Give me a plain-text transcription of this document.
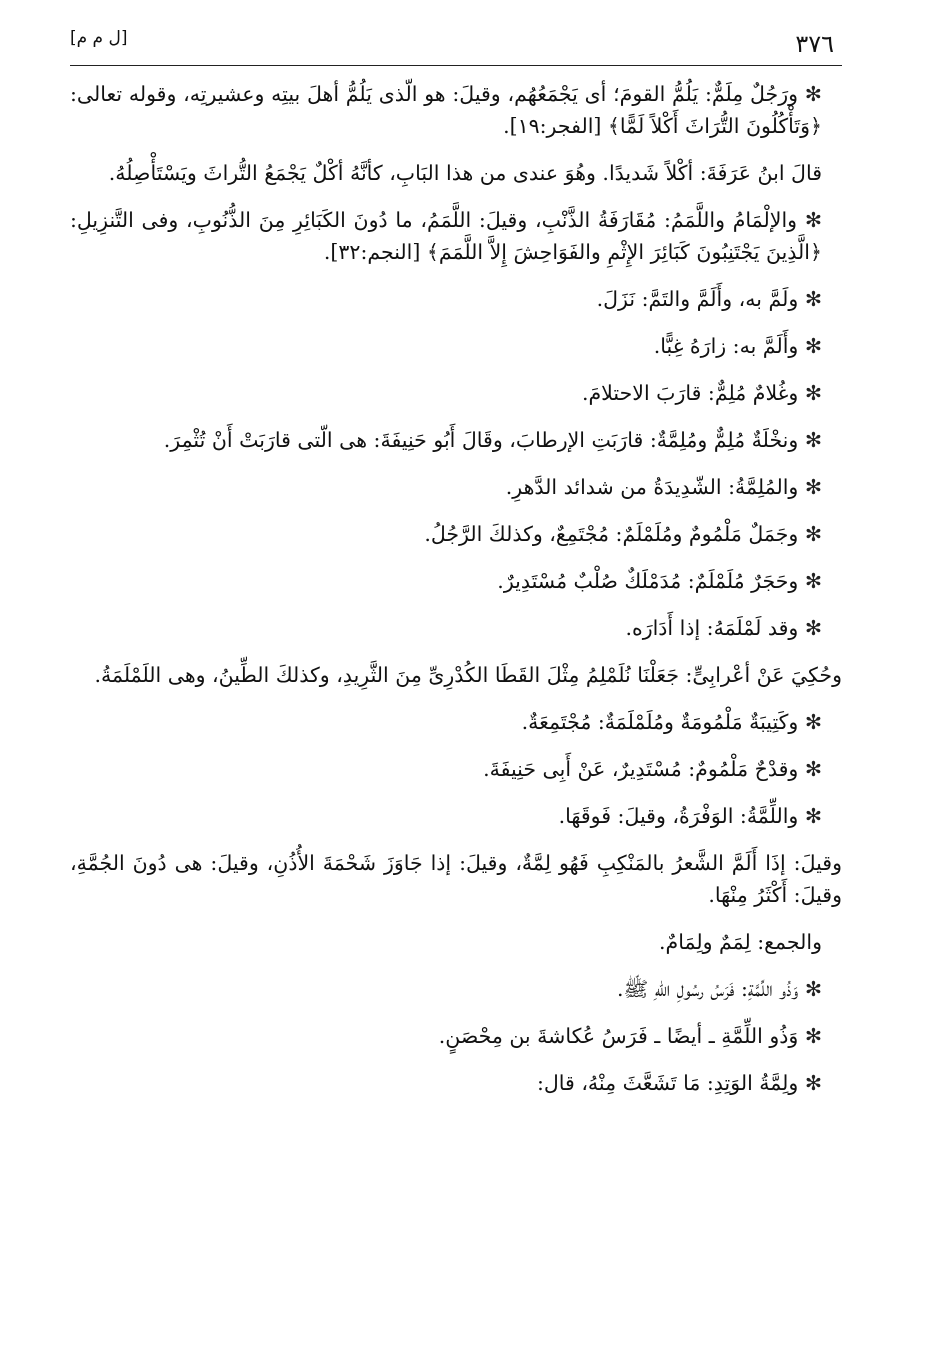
٣٧٦
[ل م م]

✻ ورَجُلٌ مِلَمٌّ: يَلُمُّ القومَ؛ أى يَجْمَعُهُم، وقيلَ: هو الّذى يَلُمُّ أهلَ بيتِه وعشيرتِه، وقوله تعالى: ﴿وَتَأْكُلُونَ التُّرَاثَ أَكْلاً لَمًّا﴾ [الفجر:١٩].

قالَ ابنُ عَرَفَةَ: أكْلاً شَديدًا. وهُوَ عندى من هذا البَابِ، كأنَّهُ أكْلٌ يَجْمَعُ التُّراثَ ويَسْتَأْصِلُهُ.

✻ والإلْمَامُ واللَّمَمُ: مُقَارَفَةُ الذَّنْبِ، وقيلَ: اللَّمَمُ، ما دُونَ الكَبَائِرِ مِنَ الذُّنُوبِ، وفى التَّنزِيلِ: ﴿الَّذِينَ يَجْتَنِبُونَ كَبَائِرَ الإِثْمِ والفَوَاحِشَ إِلاَّ اللَّمَمَ﴾ [النجم:٣٢].

✻ ولَمَّ به، وأَلَمَّ والتَمَّ: نَزَلَ.

✻ وأَلَمَّ به: زارَهُ غِبًّا.

✻ وغُلامٌ مُلِمٌّ: قارَبَ الاحتلامَ.

✻ ونخْلَةٌ مُلِمٌّ ومُلِمَّةٌ: قارَبَتِ الإرطابَ، وقَالَ أَبُو حَنِيفَةَ: هى الّتى قارَبَتْ أَنْ تُثْمِرَ.

✻ والمُلِمَّةُ: الشّدِيدَةُ من شدائد الدَّهرِ.

✻ وجَمَلٌ مَلْمُومٌ ومُلَمْلَمٌ: مُجْتَمِعٌ، وكذلكَ الرَّجُلُ.

✻ وحَجَرٌ مُلَمْلَمٌ: مُدَمْلَكٌ صُلْبٌ مُسْتَدِيرٌ.

✻ وقد لَمْلَمَهُ: إذا أَدَارَه.

وحُكِيَ عَنْ أعْرابِىٍّ: جَعَلْنَا نُلَمْلِمُ مِثْلَ القَطَا الكُدْرِىِّ مِنَ الثَّرِيدِ، وكذلكَ الطِّينُ، وهى اللَمْلَمَةُ.

✻ وكَتِيبَةٌ مَلْمُومَةٌ ومُلَمْلَمَةٌ: مُجْتَمِعَةٌ.

✻ وقدْحٌ مَلْمُومٌ: مُسْتَدِيرٌ، عَنْ أَبِى حَنِيفَةَ.

✻ واللِّمَّةُ: الوَفْرَةُ، وقيلَ: فَوقَهَا.

وقيلَ: إذَا أَلَمَّ الشَّعرُ بالمَنْكِبِ فَهُو لِمَّةٌ، وقيلَ: إذا جَاوَزَ شَحْمَةَ الأُذُنِ، وقيلَ: هى دُونَ الجُمَّةِ، وقيلَ: أَكْثَرُ مِنْهَا.

والجمع: لِمَمٌ ولِمَامٌ.

✻ وَذُو اللِّمَّةِ: فَرَسُ رسُولِ اللهِ ﷺ.

✻ وَذُو اللِّمَّةِ ـ أيضًا ـ فَرَسُ عُكاشةَ بن مِحْصَنٍ.

✻ ولِمَّةُ الوَتِدِ: مَا تَشَعَّثَ مِنْهُ، قال:
